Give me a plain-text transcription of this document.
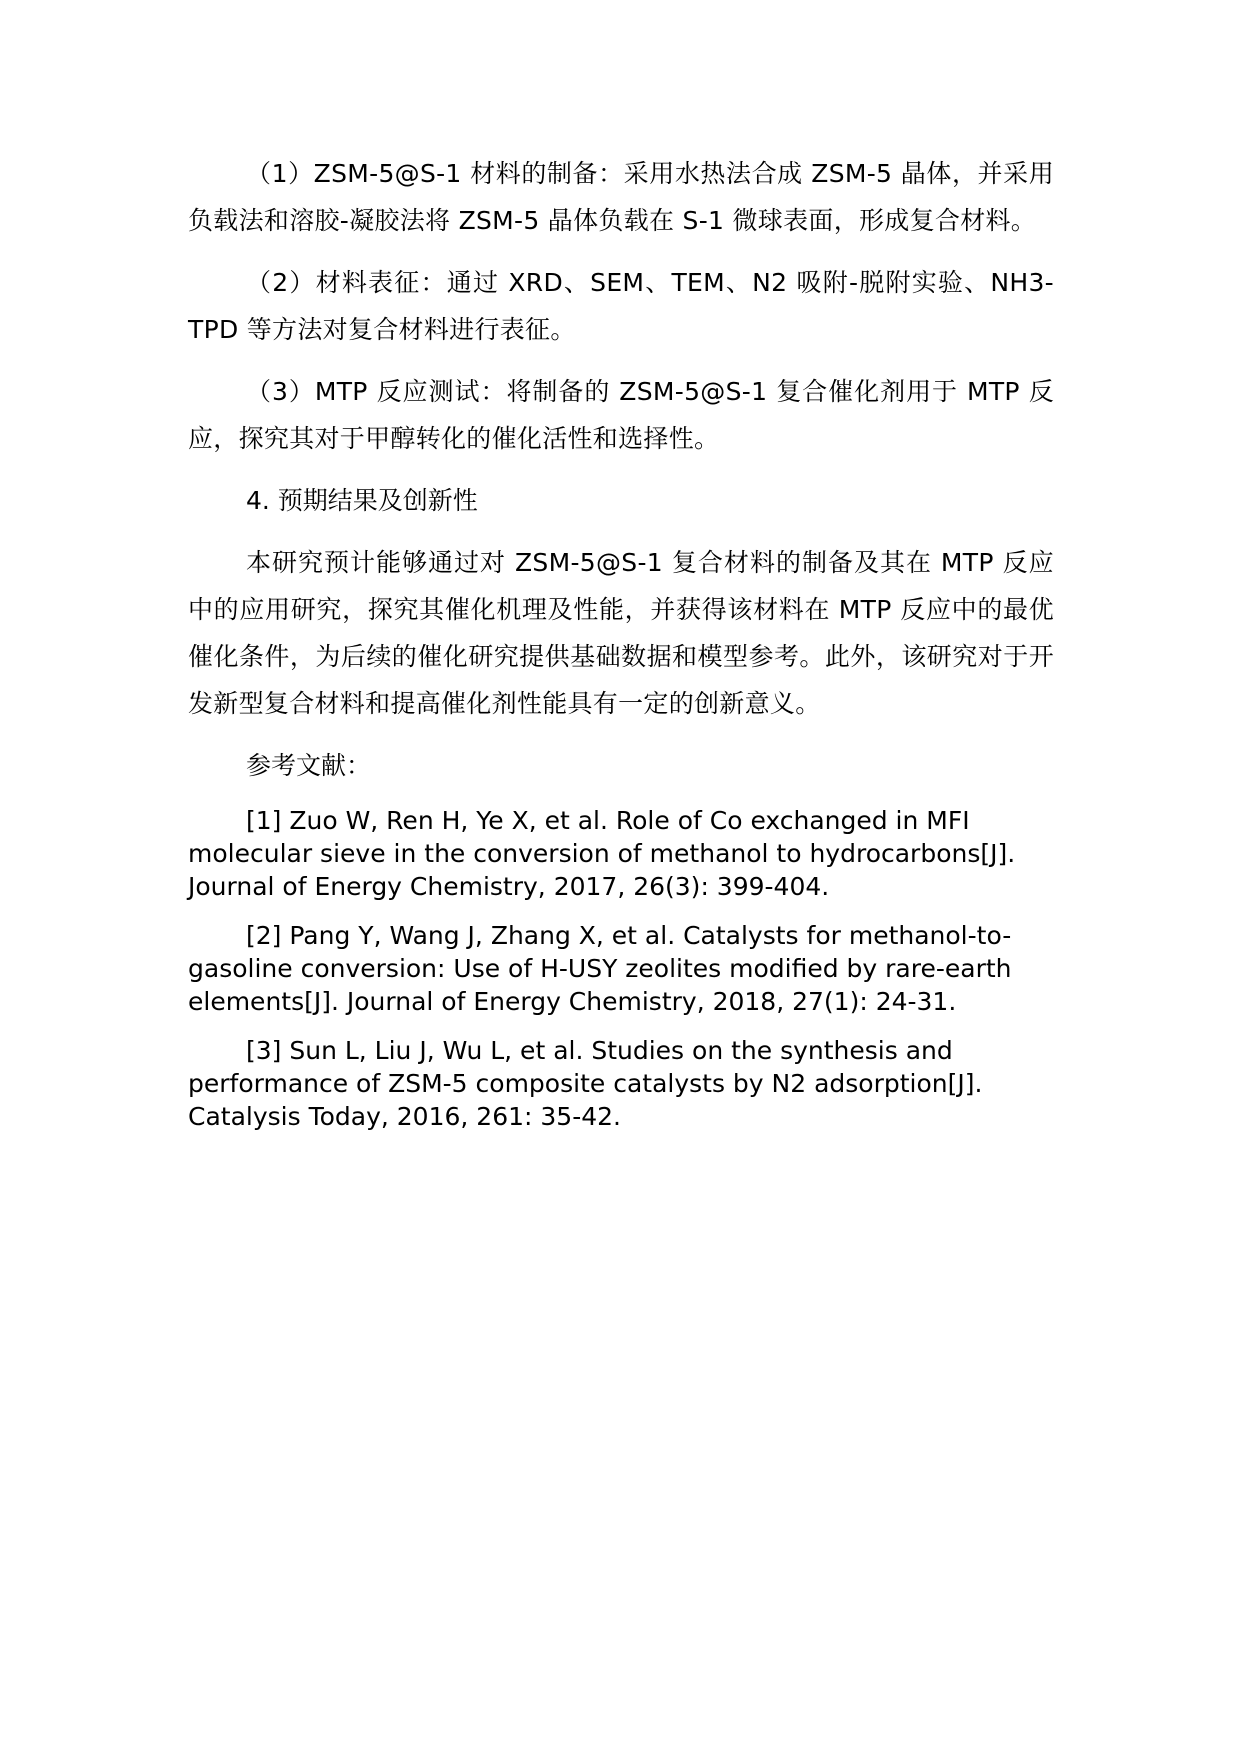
（1）ZSM-5@S-1 材料的制备：采用水热法合成 ZSM-5 晶体，并采用负载法和溶胶-凝胶法将 ZSM-5 晶体负载在 S-1 微球表面，形成复合材料。

（2）材料表征：通过 XRD、SEM、TEM、N2 吸附-脱附实验、NH3-TPD 等方法对复合材料进行表征。

（3）MTP 反应测试：将制备的 ZSM-5@S-1 复合催化剂用于 MTP 反应，探究其对于甲醇转化的催化活性和选择性。

4. 预期结果及创新性

本研究预计能够通过对 ZSM-5@S-1 复合材料的制备及其在 MTP 反应中的应用研究，探究其催化机理及性能，并获得该材料在 MTP 反应中的最优催化条件，为后续的催化研究提供基础数据和模型参考。此外，该研究对于开发新型复合材料和提高催化剂性能具有一定的创新意义。

参考文献：

[1] Zuo W, Ren H, Ye X, et al. Role of Co exchanged in MFI molecular sieve in the conversion of methanol to hydrocarbons[J]. Journal of Energy Chemistry, 2017, 26(3): 399-404.

[2] Pang Y, Wang J, Zhang X, et al. Catalysts for methanol-to-gasoline conversion: Use of H-USY zeolites modified by rare-earth elements[J]. Journal of Energy Chemistry, 2018, 27(1): 24-31.

[3] Sun L, Liu J, Wu L, et al. Studies on the synthesis and performance of ZSM-5 composite catalysts by N2 adsorption[J]. Catalysis Today, 2016, 261: 35-42.
